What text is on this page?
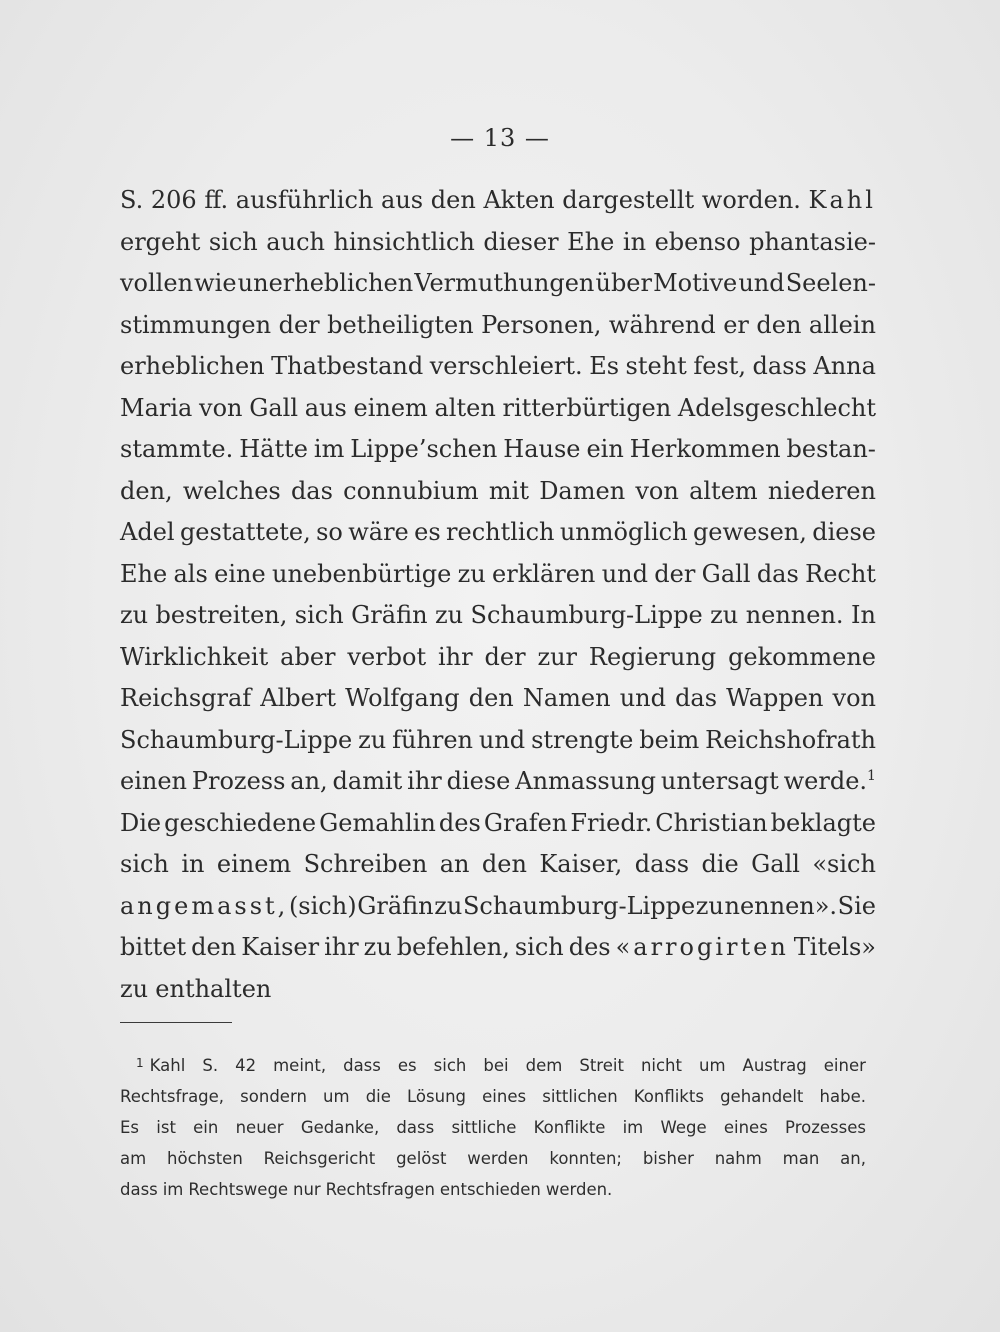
— 13 —
S. 206 ff. ausführlich aus den Akten dargestellt worden. Kahl
ergeht sich auch hinsichtlich dieser Ehe in ebenso phantasie-
vollen wie unerheblichen Vermuthungen über Motive und Seelen-
stimmungen der betheiligten Personen, während er den allein
erheblichen Thatbestand verschleiert. Es steht fest, dass Anna
Maria von Gall aus einem alten ritterbürtigen Adelsgeschlecht
stammte. Hätte im Lippe’schen Hause ein Herkommen bestan-
den, welches das connubium mit Damen von altem niederen
Adel gestattete, so wäre es rechtlich unmöglich gewesen, diese
Ehe als eine unebenbürtige zu erklären und der Gall das Recht
zu bestreiten, sich Gräfin zu Schaumburg-Lippe zu nennen. In
Wirklichkeit aber verbot ihr der zur Regierung gekommene
Reichsgraf Albert Wolfgang den Namen und das Wappen von
Schaumburg-Lippe zu führen und strengte beim Reichshofrath
einen Prozess an, damit ihr diese Anmassung untersagt werde.$^1$
Die geschiedene Gemahlin des Grafen Friedr. Christian beklagte
sich in einem Schreiben an den Kaiser, dass die Gall «sich
angemasst, (sich) Gräfin zu Schaumburg-Lippe zu nennen». Sie
bittet den Kaiser ihr zu befehlen, sich des «arrogirten Titels»
zu enthalten
$^1$ Kahl S. 42 meint, dass es sich bei dem Streit nicht um Austrag einer
Rechtsfrage, sondern um die Lösung eines sittlichen Konflikts gehandelt habe.
Es ist ein neuer Gedanke, dass sittliche Konflikte im Wege eines Prozesses
am höchsten Reichsgericht gelöst werden konnten; bisher nahm man an,
dass im Rechtswege nur Rechtsfragen entschieden werden.
